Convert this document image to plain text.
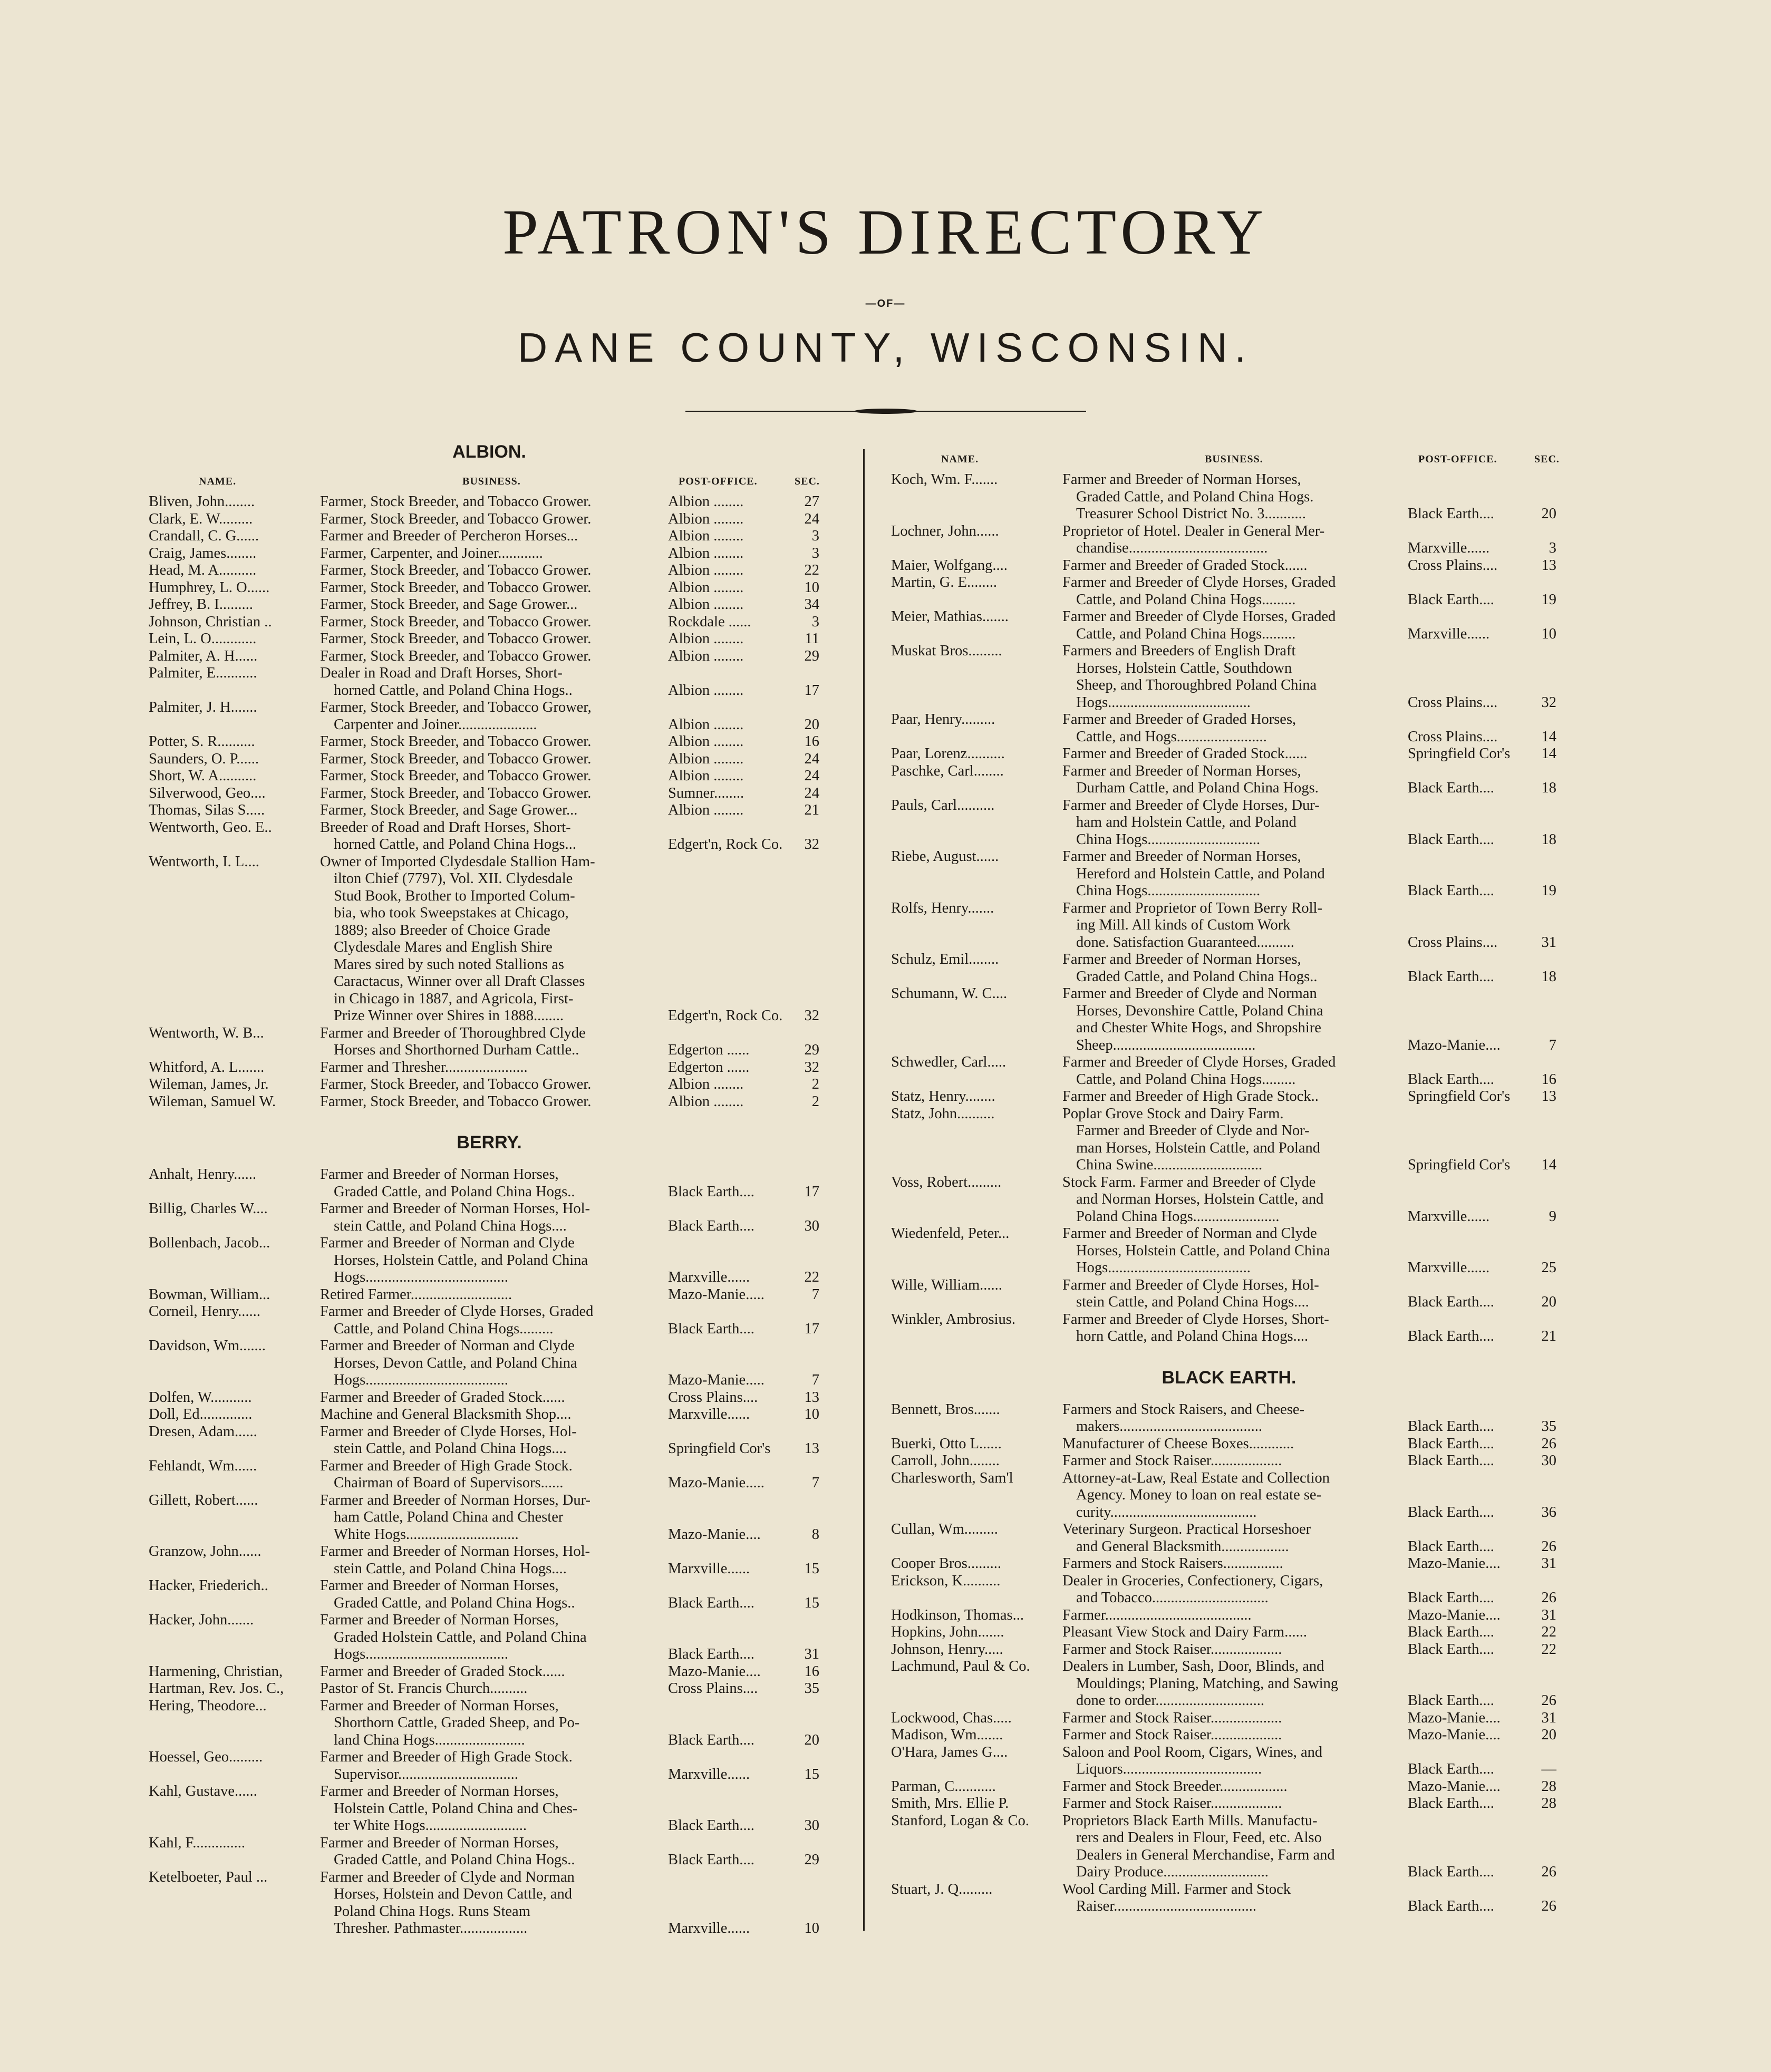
PATRON'S DIRECTORY
—OF—
DANE COUNTY, WISCONSIN.
ALBION.
NAME.	BUSINESS.	POST-OFFICE.	SEC.
Bliven, John........	Farmer, Stock Breeder, and Tobacco Grower.	Albion ........	27
Clark, E. W.........	Farmer, Stock Breeder, and Tobacco Grower.	Albion ........	24
Crandall, C. G......	Farmer and Breeder of Percheron Horses...	Albion ........	3
Craig, James........	Farmer, Carpenter, and Joiner............	Albion ........	3
Head, M. A..........	Farmer, Stock Breeder, and Tobacco Grower.	Albion ........	22
Humphrey, L. O......	Farmer, Stock Breeder, and Tobacco Grower.	Albion ........	10
Jeffrey, B. I.........	Farmer, Stock Breeder, and Sage Grower...	Albion ........	34
Johnson, Christian ..	Farmer, Stock Breeder, and Tobacco Grower.	Rockdale ......	3
Lein, L. O............	Farmer, Stock Breeder, and Tobacco Grower.	Albion ........	11
Palmiter, A. H......	Farmer, Stock Breeder, and Tobacco Grower.	Albion ........	29
Palmiter, E...........	Dealer in Road and Draft Horses, Short-
horned Cattle, and Poland China Hogs..	Albion ........	17
Palmiter, J. H.......	Farmer, Stock Breeder, and Tobacco Grower,
Carpenter and Joiner.....................	Albion ........	20
Potter, S. R..........	Farmer, Stock Breeder, and Tobacco Grower.	Albion ........	16
Saunders, O. P......	Farmer, Stock Breeder, and Tobacco Grower.	Albion ........	24
Short, W. A..........	Farmer, Stock Breeder, and Tobacco Grower.	Albion ........	24
Silverwood, Geo....	Farmer, Stock Breeder, and Tobacco Grower.	Sumner........	24
Thomas, Silas S.....	Farmer, Stock Breeder, and Sage Grower...	Albion ........	21
Wentworth, Geo. E..	Breeder of Road and Draft Horses, Short-
horned Cattle, and Poland China Hogs...	Edgert'n, Rock Co. 32
Wentworth, I. L....	Owner of Imported Clydesdale Stallion Ham-
ilton Chief (7797), Vol. XII. Clydesdale
Stud Book, Brother to Imported Colum-
bia, who took Sweepstakes at Chicago,
1889; also Breeder of Choice Grade
Clydesdale Mares and English Shire
Mares sired by such noted Stallions as
Caractacus, Winner over all Draft Classes
in Chicago in 1887, and Agricola, First-
Prize Winner over Shires in 1888........	Edgert'n, Rock Co. 32
Wentworth, W. B...	Farmer and Breeder of Thoroughbred Clyde
Horses and Shorthorned Durham Cattle..	Edgerton ......	29
Whitford, A. L.......	Farmer and Thresher......................	Edgerton ......	32
Wileman, James, Jr.	Farmer, Stock Breeder, and Tobacco Grower.	Albion ........	2
Wileman, Samuel W.	Farmer, Stock Breeder, and Tobacco Grower.	Albion ........	2
BERRY.
Anhalt, Henry......	Farmer and Breeder of Norman Horses,
Graded Cattle, and Poland China Hogs..	Black Earth....	17
Billig, Charles W....	Farmer and Breeder of Norman Horses, Hol-
stein Cattle, and Poland China Hogs....	Black Earth....	30
Bollenbach, Jacob...	Farmer and Breeder of Norman and Clyde
Horses, Holstein Cattle, and Poland China
Hogs......................................	Marxville......	22
Bowman, William...	Retired Farmer...........................	Mazo-Manie.....	7
Corneil, Henry......	Farmer and Breeder of Clyde Horses, Graded
Cattle, and Poland China Hogs.........	Black Earth....	17
Davidson, Wm.......	Farmer and Breeder of Norman and Clyde
Horses, Devon Cattle, and Poland China
Hogs......................................	Mazo-Manie.....	7
Dolfen, W...........	Farmer and Breeder of Graded Stock......	Cross Plains....	13
Doll, Ed..............	Machine and General Blacksmith Shop....	Marxville......	10
Dresen, Adam......	Farmer and Breeder of Clyde Horses, Hol-
stein Cattle, and Poland China Hogs....	Springfield Cor's 13
Fehlandt, Wm......	Farmer and Breeder of High Grade Stock.
Chairman of Board of Supervisors......	Mazo-Manie.....	7
Gillett, Robert......	Farmer and Breeder of Norman Horses, Dur-
ham Cattle, Poland China and Chester
White Hogs..............................	Mazo-Manie....	8
Granzow, John......	Farmer and Breeder of Norman Horses, Hol-
stein Cattle, and Poland China Hogs....	Marxville......	15
Hacker, Friederich..	Farmer and Breeder of Norman Horses,
Graded Cattle, and Poland China Hogs..	Black Earth....	15
Hacker, John.......	Farmer and Breeder of Norman Horses,
Graded Holstein Cattle, and Poland China
Hogs......................................	Black Earth....	31
Harmening, Christian,	Farmer and Breeder of Graded Stock......	Mazo-Manie....	16
Hartman, Rev. Jos. C.,	Pastor of St. Francis Church..........	Cross Plains....	35
Hering, Theodore...	Farmer and Breeder of Norman Horses,
Shorthorn Cattle, Graded Sheep, and Po-
land China Hogs........................	Black Earth....	20
Hoessel, Geo.........	Farmer and Breeder of High Grade Stock.
Supervisor................................	Marxville......	15
Kahl, Gustave......	Farmer and Breeder of Norman Horses,
Holstein Cattle, Poland China and Ches-
ter White Hogs...........................	Black Earth....	30
Kahl, F..............	Farmer and Breeder of Norman Horses,
Graded Cattle, and Poland China Hogs..	Black Earth....	29
Ketelboeter, Paul ...	Farmer and Breeder of Clyde and Norman
Horses, Holstein and Devon Cattle, and
Poland China Hogs. Runs Steam
Thresher. Pathmaster..................	Marxville......	10
NAME.	BUSINESS.	POST-OFFICE.	SEC.
Koch, Wm. F.......	Farmer and Breeder of Norman Horses,
Graded Cattle, and Poland China Hogs.
Treasurer School District No. 3...........	Black Earth....	20
Lochner, John......	Proprietor of Hotel. Dealer in General Mer-
chandise.....................................	Marxville......	3
Maier, Wolfgang....	Farmer and Breeder of Graded Stock......	Cross Plains....	13
Martin, G. E........	Farmer and Breeder of Clyde Horses, Graded
Cattle, and Poland China Hogs.........	Black Earth....	19
Meier, Mathias.......	Farmer and Breeder of Clyde Horses, Graded
Cattle, and Poland China Hogs.........	Marxville......	10
Muskat Bros.........	Farmers and Breeders of English Draft
Horses, Holstein Cattle, Southdown
Sheep, and Thoroughbred Poland China
Hogs......................................	Cross Plains....	32
Paar, Henry.........	Farmer and Breeder of Graded Horses,
Cattle, and Hogs........................	Cross Plains....	14
Paar, Lorenz..........	Farmer and Breeder of Graded Stock......	Springfield Cor's 14
Paschke, Carl........	Farmer and Breeder of Norman Horses,
Durham Cattle, and Poland China Hogs.	Black Earth....	18
Pauls, Carl..........	Farmer and Breeder of Clyde Horses, Dur-
ham and Holstein Cattle, and Poland
China Hogs..............................	Black Earth....	18
Riebe, August......	Farmer and Breeder of Norman Horses,
Hereford and Holstein Cattle, and Poland
China Hogs..............................	Black Earth....	19
Rolfs, Henry.......	Farmer and Proprietor of Town Berry Roll-
ing Mill. All kinds of Custom Work
done. Satisfaction Guaranteed..........	Cross Plains....	31
Schulz, Emil........	Farmer and Breeder of Norman Horses,
Graded Cattle, and Poland China Hogs..	Black Earth....	18
Schumann, W. C....	Farmer and Breeder of Clyde and Norman
Horses, Devonshire Cattle, Poland China
and Chester White Hogs, and Shropshire
Sheep......................................	Mazo-Manie....	7
Schwedler, Carl.....	Farmer and Breeder of Clyde Horses, Graded
Cattle, and Poland China Hogs.........	Black Earth....	16
Statz, Henry........	Farmer and Breeder of High Grade Stock..	Springfield Cor's 13
Statz, John..........	Poplar Grove Stock and Dairy Farm.
Farmer and Breeder of Clyde and Nor-
man Horses, Holstein Cattle, and Poland
China Swine.............................	Springfield Cor's 14
Voss, Robert.........	Stock Farm. Farmer and Breeder of Clyde
and Norman Horses, Holstein Cattle, and
Poland China Hogs.......................	Marxville......	9
Wiedenfeld, Peter...	Farmer and Breeder of Norman and Clyde
Horses, Holstein Cattle, and Poland China
Hogs......................................	Marxville......	25
Wille, William......	Farmer and Breeder of Clyde Horses, Hol-
stein Cattle, and Poland China Hogs....	Black Earth....	20
Winkler, Ambrosius.	Farmer and Breeder of Clyde Horses, Short-
horn Cattle, and Poland China Hogs....	Black Earth....	21
BLACK EARTH.
Bennett, Bros.......	Farmers and Stock Raisers, and Cheese-
makers......................................	Black Earth....	35
Buerki, Otto L......	Manufacturer of Cheese Boxes............	Black Earth....	26
Carroll, John........	Farmer and Stock Raiser...................	Black Earth....	30
Charlesworth, Sam'l	Attorney-at-Law, Real Estate and Collection
Agency. Money to loan on real estate se-
curity.......................................	Black Earth....	36
Cullan, Wm.........	Veterinary Surgeon. Practical Horseshoer
and General Blacksmith..................	Black Earth....	26
Cooper Bros.........	Farmers and Stock Raisers................	Mazo-Manie....	31
Erickson, K..........	Dealer in Groceries, Confectionery, Cigars,
and Tobacco...............................	Black Earth....	26
Hodkinson, Thomas...	Farmer.......................................	Mazo-Manie....	31
Hopkins, John.......	Pleasant View Stock and Dairy Farm......	Black Earth....	22
Johnson, Henry.....	Farmer and Stock Raiser...................	Black Earth....	22
Lachmund, Paul & Co.	Dealers in Lumber, Sash, Door, Blinds, and
Mouldings; Planing, Matching, and Sawing
done to order.............................	Black Earth....	26
Lockwood, Chas.....	Farmer and Stock Raiser...................	Mazo-Manie....	31
Madison, Wm.......	Farmer and Stock Raiser...................	Mazo-Manie....	20
O'Hara, James G....	Saloon and Pool Room, Cigars, Wines, and
Liquors.....................................	Black Earth....	—
Parman, C...........	Farmer and Stock Breeder..................	Mazo-Manie....	28
Smith, Mrs. Ellie P.	Farmer and Stock Raiser...................	Black Earth....	28
Stanford, Logan & Co.	Proprietors Black Earth Mills. Manufactu-
rers and Dealers in Flour, Feed, etc. Also
Dealers in General Merchandise, Farm and
Dairy Produce............................	Black Earth....	26
Stuart, J. Q.........	Wool Carding Mill. Farmer and Stock
Raiser......................................	Black Earth....	26
